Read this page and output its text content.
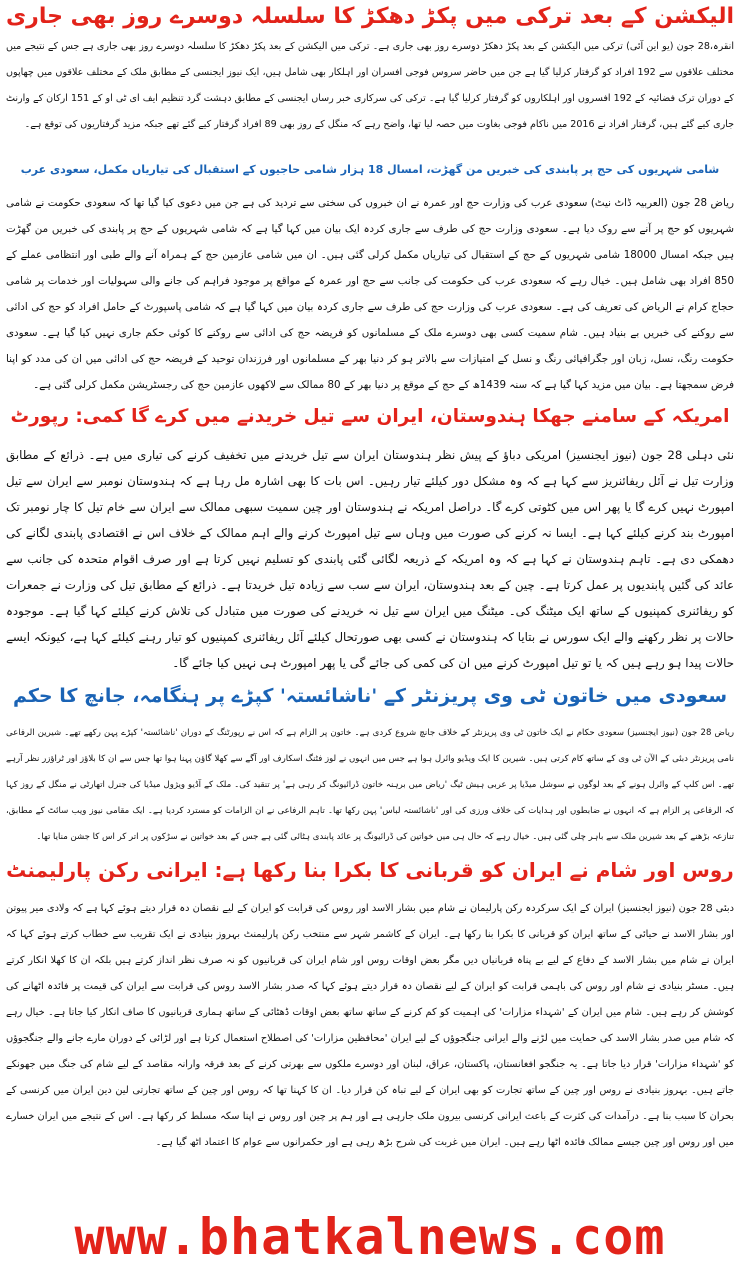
الیکشن کے بعد ترکی میں پکڑ دھکڑ کا سلسلہ دوسرے روز بھی جاری

انقرہ،28 جون (یو این آئی) ترکی میں الیکشن کے بعد پکڑ دھکڑ دوسرے روز بھی جاری ہے۔ ترکی میں الیکشن کے بعد پکڑ دھکڑ کا سلسلہ دوسرے روز بھی جاری ہے جس کے نتیجے میں مختلف علاقوں سے 192 افراد کو گرفتار کرلیا گیا ہے جن میں حاضر سروس فوجی افسران اور اہلکار بھی شامل ہیں، ایک نیوز ایجنسی کے مطابق ملک کے مختلف علاقوں میں چھاپوں کے دوران ترک فضائیہ کے 192 افسروں اور اہلکاروں کو گرفتار کرلیا گیا ہے۔ ترکی کی سرکاری خبر رساں ایجنسی کے مطابق دہشت گرد تنظیم ایف ای ٹی او کے 151 ارکان کے وارنٹ جاری کیے گئے ہیں، گرفتار افراد نے 2016 میں ناکام فوجی بغاوت میں حصہ لیا تھا، واضح رہے کہ منگل کے روز بھی 89 افراد گرفتار کیے گئے تھے جبکہ مزید گرفتاریوں کی توقع ہے۔

شامی شہریوں کی حج پر پابندی کی خبریں من گھڑت، امسال 18 ہزار شامی حاجیوں کے استقبال کی تیاریاں مکمل، سعودی عرب

ریاض 28 جون (العربیہ ڈاٹ نیٹ) سعودی عرب کی وزارت حج اور عمرہ نے ان خبروں کی سختی سے تردید کی ہے جن میں دعوی کیا گیا تھا کہ سعودی حکومت نے شامی شہریوں کو حج پر آنے سے روک دیا ہے۔ سعودی وزارت حج کی طرف سے جاری کردہ ایک بیان میں کہا گیا ہے کہ شامی شہریوں کے حج پر پابندی کی خبریں من گھڑت ہیں جبکہ امسال 18000 شامی شہریوں کے حج کے استقبال کی تیاریاں مکمل کرلی گئی ہیں۔ ان میں شامی عازمین حج کے ہمراہ آنے والے طبی اور انتظامی عملے کے 850 افراد بھی شامل ہیں۔ خیال رہے کہ سعودی عرب کی حکومت کی جانب سے حج اور عمرہ کے مواقع پر موجود فراہم کی جانے والی سہولیات اور خدمات پر شامی حجاج کرام نے الریاض کی تعریف کی ہے۔ سعودی عرب کی وزارت حج کی طرف سے جاری کردہ بیان میں کہا گیا ہے کہ شامی پاسپورٹ کے حامل افراد کو حج کی ادائی سے روکنے کی خبریں بے بنیاد ہیں۔ شام سمیت کسی بھی دوسرے ملک کے مسلمانوں کو فریضہ حج کی ادائی سے روکنے کا کوئی حکم جاری نہیں کیا گیا ہے۔ سعودی حکومت رنگ، نسل، زبان اور جگرافیائی رنگ و نسل کے امتیازات سے بالاتر ہو کر دنیا بھر کے مسلمانوں اور فرزندان توحید کے فریضہ حج کی ادائی میں ان کی مدد کو اپنا فرض سمجھتا ہے۔ بیان میں مزید کہا گیا ہے کہ سنہ 1439ھ کے حج کے موقع پر دنیا بھر کے 80 ممالک سے لاکھوں عازمین حج کی رجسٹریشن مکمل کرلی گئی ہے۔

امریکہ کے سامنے جھکا ہندوستان، ایران سے تیل خریدنے میں کرے گا کمی: رپورٹ

نئی دہلی 28 جون (نیوز ایجنسیز) امریکی دباؤ کے پیش نظر ہندوستان ایران سے تیل خریدنے میں تخفیف کرنے کی تیاری میں ہے۔ ذرائع کے مطابق وزارت تیل نے آئل ریفائنریز سے کہا ہے کہ وہ مشکل دور کیلئے تیار رہیں۔ اس بات کا بھی اشارہ مل رہا ہے کہ ہندوستان نومبر سے ایران سے تیل امپورٹ نہیں کرے گا یا پھر اس میں کٹوتی کرے گا۔ دراصل امریکہ نے ہندوستان اور چین سمیت سبھی ممالک سے ایران سے خام تیل کا چار نومبر تک امپورٹ بند کرنے کیلئے کہا ہے۔ ایسا نہ کرنے کی صورت میں وہاں سے تیل امپورٹ کرنے والے اہم ممالک کے خلاف اس نے اقتصادی پابندی لگانے کی دھمکی دی ہے۔ تاہم ہندوستان نے کہا ہے کہ وہ امریکہ کے ذریعہ لگائی گئی پابندی کو تسلیم نہیں کرتا ہے اور صرف اقوام متحدہ کی جانب سے عائد کی گئیں پابندیوں پر عمل کرتا ہے۔ چین کے بعد ہندوستان، ایران سے سب سے زیادہ تیل خریدتا ہے۔ ذرائع کے مطابق تیل کی وزارت نے جمعرات کو ریفائنری کمپنیوں کے ساتھ ایک میٹنگ کی۔ میٹنگ میں ایران سے تیل نہ خریدنے کی صورت میں متبادل کی تلاش کرنے کیلئے کہا گیا ہے۔ موجودہ حالات پر نظر رکھنے والے ایک سورس نے بتایا کہ ہندوستان نے کسی بھی صورتحال کیلئے آئل ریفائنری کمپنیوں کو تیار رہنے کیلئے کہا ہے، کیونکہ ایسے حالات پیدا ہو رہے ہیں کہ یا تو تیل امپورٹ کرنے میں ان کی کمی کی جائے گی یا پھر امپورٹ ہی نہیں کیا جائے گا۔

سعودی میں خاتون ٹی وی پریزنٹر کے 'ناشائستہ' کپڑے پر ہنگامہ، جانچ کا حکم

ریاض 28 جون (نیوز ایجنسیز) سعودی حکام نے ایک خاتون ٹی وی پریزنٹر کے خلاف جانچ شروع کردی ہے۔ خاتون پر الزام ہے کہ اس نے رپورٹنگ کے دوران 'ناشائستہ' کپڑے پہن رکھے تھے۔ شیرین الرفاعی نامی پریزنٹر دبئی کے الآن ٹی وی کے ساتھ کام کرتی ہیں۔ شیرین کا ایک ویڈیو وائرل ہوا ہے جس میں انہوں نے لوز فٹنگ اسکارف اور آگے سے کھلا گاؤن پہنا ہوا تھا جس سے ان کا بلاؤز اور ٹراؤزر نظر آرہے تھے۔ اس کلپ کے وائرل ہونے کے بعد لوگوں نے سوشل میڈیا پر عربی ہیش ٹیگ 'ریاض میں برہنہ خاتون ڈرائیونگ کر رہی ہے' پر تنقید کی۔ ملک کے آڈیو ویژول میڈیا کی جنرل اتھارٹی نے منگل کے روز کہا کہ الرفاعی پر الزام ہے کہ انہوں نے ضابطوں اور ہدایات کی خلاف ورزی کی اور 'ناشائستہ لباس' پہن رکھا تھا۔ تاہم الرفاعی نے ان الزامات کو مسترد کردیا ہے۔ ایک مقامی نیوز ویب سائٹ کے مطابق، تنازعہ بڑھنے کے بعد شیرین ملک سے باہر چلی گئی ہیں۔ خیال رہے کہ حال ہی میں خواتین کی ڈرائیونگ پر عائد پابندی ہٹائی گئی ہے جس کے بعد خواتین نے سڑکوں پر اتر کر اس کا جشن منایا تھا۔

روس اور شام نے ایران کو قربانی کا بکرا بنا رکھا ہے: ایرانی رکن پارلیمنٹ

دبئی 28 جون (نیوز ایجنسیز) ایران کے ایک سرکردہ رکن پارلیمان نے شام میں بشار الاسد اور روس کی قرابت کو ایران کے لیے نقصان دہ قرار دیتے ہوئے کہا ہے کہ ولادی میر پیوتن اور بشار الاسد نے حیائی کے ساتھ ایران کو قربانی کا بکرا بنا رکھا ہے۔ ایران کے کاشمر شہر سے منتخب رکن پارلیمنٹ بہروز بنیادی نے ایک تقریب سے خطاب کرتے ہوئے کہا کہ ایران نے شام میں بشار الاسد کے دفاع کے لیے بے پناہ قربانیاں دیں مگر بعض اوقات روس اور شام ایران کی قربانیوں کو نہ صرف نظر انداز کرتے ہیں بلکہ ان کا کھلا انکار کرتے ہیں۔ مسٹر بنیادی نے شام اور روس کی باہمی قرابت کو ایران کے لیے نقصان دہ قرار دیتے ہوئے کہا کہ صدر بشار الاسد روس کی قرابت سے ایران کی قیمت پر فائدہ اٹھانے کی کوشش کر رہے ہیں۔ شام میں ایران کے 'شہداء مزارات' کی اہمیت کو کم کرنے کے ساتھ ساتھ بعض اوقات ڈھٹائی کے ساتھ ہماری قربانیوں کا صاف انکار کیا جاتا ہے۔ خیال رہے کہ شام میں صدر بشار الاسد کی حمایت میں لڑنے والے ایرانی جنگجوؤں کے لیے ایران 'محافظین مزارات' کی اصطلاح استعمال کرتا ہے اور لڑائی کے دوران مارے جانے والے جنگجوؤں کو 'شہداء مزارات' قرار دیا جاتا ہے۔ یہ جنگجو افغانستان، پاکستان، عراق، لبنان اور دوسرے ملکوں سے بھرتی کرنے کے بعد فرقہ وارانہ مقاصد کے لیے شام کی جنگ میں جھونکے جاتے ہیں۔ بہروز بنیادی نے روس اور چین کے ساتھ تجارت کو بھی ایران کے لیے تباہ کن قرار دیا۔ ان کا کہنا تھا کہ روس اور چین کے ساتھ تجارتی لین دین ایران میں کرنسی کے بحران کا سبب بنا ہے۔ درآمدات کی کثرت کے باعث ایرانی کرنسی بیرون ملک جارہی ہے اور ہم پر چین اور روس نے اپنا سکہ مسلط کر رکھا ہے۔ اس کے نتیجے میں ایران خسارے میں اور روس اور چین جیسے ممالک فائدہ اٹھا رہے ہیں۔ ایران میں غربت کی شرح بڑھ رہی ہے اور حکمرانوں سے عوام کا اعتماد اٹھ گیا ہے۔

www.bhatkalnews.com
